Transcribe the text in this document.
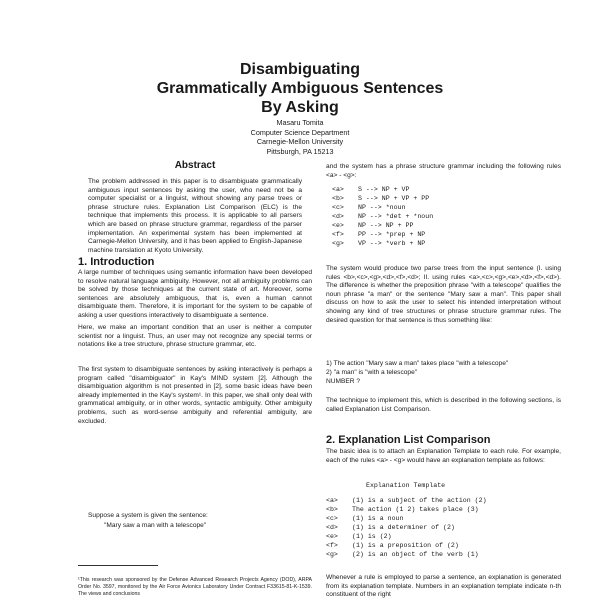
Disambiguating
Grammatically Ambiguous Sentences
By Asking
Masaru Tomita
Computer Science Department
Carnegie-Mellon University
Pittsburgh, PA 15213
Abstract

The problem addressed in this paper is to disambiguate grammatically ambiguous input sentences by asking the user, who need not be a computer specialist or a linguist, without showing any parse trees or phrase structure rules. Explanation List Comparison (ELC) is the technique that implements this process. It is applicable to all parsers which are based on phrase structure grammar, regardless of the parser implementation. An experimental system has been implemented at Carnegie-Mellon University, and it has been applied to English-Japanese machine translation at Kyoto University.

1. Introduction

A large number of techniques using semantic information have been developed to resolve natural language ambiguity. However, not all ambiguity problems can be solved by those techniques at the current state of art. Moreover, some sentences are absolutely ambiguous, that is, even a human cannot disambiguate them. Therefore, it is important for the system to be capable of asking a user questions interactively to disambiguate a sentence.

Here, we make an important condition that an user is neither a computer scientist nor a linguist. Thus, an user may not recognize any special terms or notations like a tree structure, phrase structure grammar, etc.

The first system to disambiguate sentences by asking interactively is perhaps a program called "disambiguator" in Kay's MIND system [2]. Although the disambiguation algorithm is not presented in [2], some basic ideas have been already implemented in the Kay's system¹. In this paper, we shall only deal with grammatical ambiguity, or in other words, syntactic ambiguity. Other ambiguity problems, such as word-sense ambiguity and referential ambiguity, are excluded.

Suppose a system is given the sentence:

"Mary saw a man with a telescope"

¹This research was sponsored by the Defense Advanced Research Projects Agency (DOD), ARPA Order No. 3597, monitored by the Air Force Avionics Laboratory Under Contract F33615-81-K-1539. The views and conclusions

and the system has a phrase structure grammar including the following rules <a> - <g>:

<a> S --> NP + VP
<b> S --> NP + VP + PP
<c> NP --> *noun
<d> NP --> *det + *noun
<e> NP --> NP + PP
<f> PP --> *prep + NP
<g> VP --> *verb + NP

The system would produce two parse trees from the input sentence (I. using rules <b>,<c>,<g>,<d>,<f>,<d>; II. using rules <a>,<c>,<g>,<e>,<d>,<f>,<d>). The difference is whether the preposition phrase "with a telescope" qualifies the noun phrase "a man" or the sentence "Mary saw a man". This paper shall discuss on how to ask the user to select his intended interpretation without showing any kind of tree structures or phrase structure grammar rules. The desired question for that sentence is thus something like:

1) The action "Mary saw a man" takes place "with a telescope"
2) "a man" is "with a telescope"
NUMBER ?

The technique to implement this, which is described in the following sections, is called Explanation List Comparison.

2. Explanation List Comparison

The basic idea is to attach an Explanation Template to each rule. For example, each of the rules <a> - <g> would have an explanation template as follows:

Explanation Template
<a> (1) is a subject of the action (2)
<b> The action (1 2) takes place (3)
<c> (1) is a noun
<d> (1) is a determiner of (2)
<e> (1) is (2)
<f> (1) is a preposition of (2)
<g> (2) is an object of the verb (1)

Whenever a rule is employed to parse a sentence, an explanation is generated from its explanation template. Numbers in an explanation template indicate n-th constituent of the right
